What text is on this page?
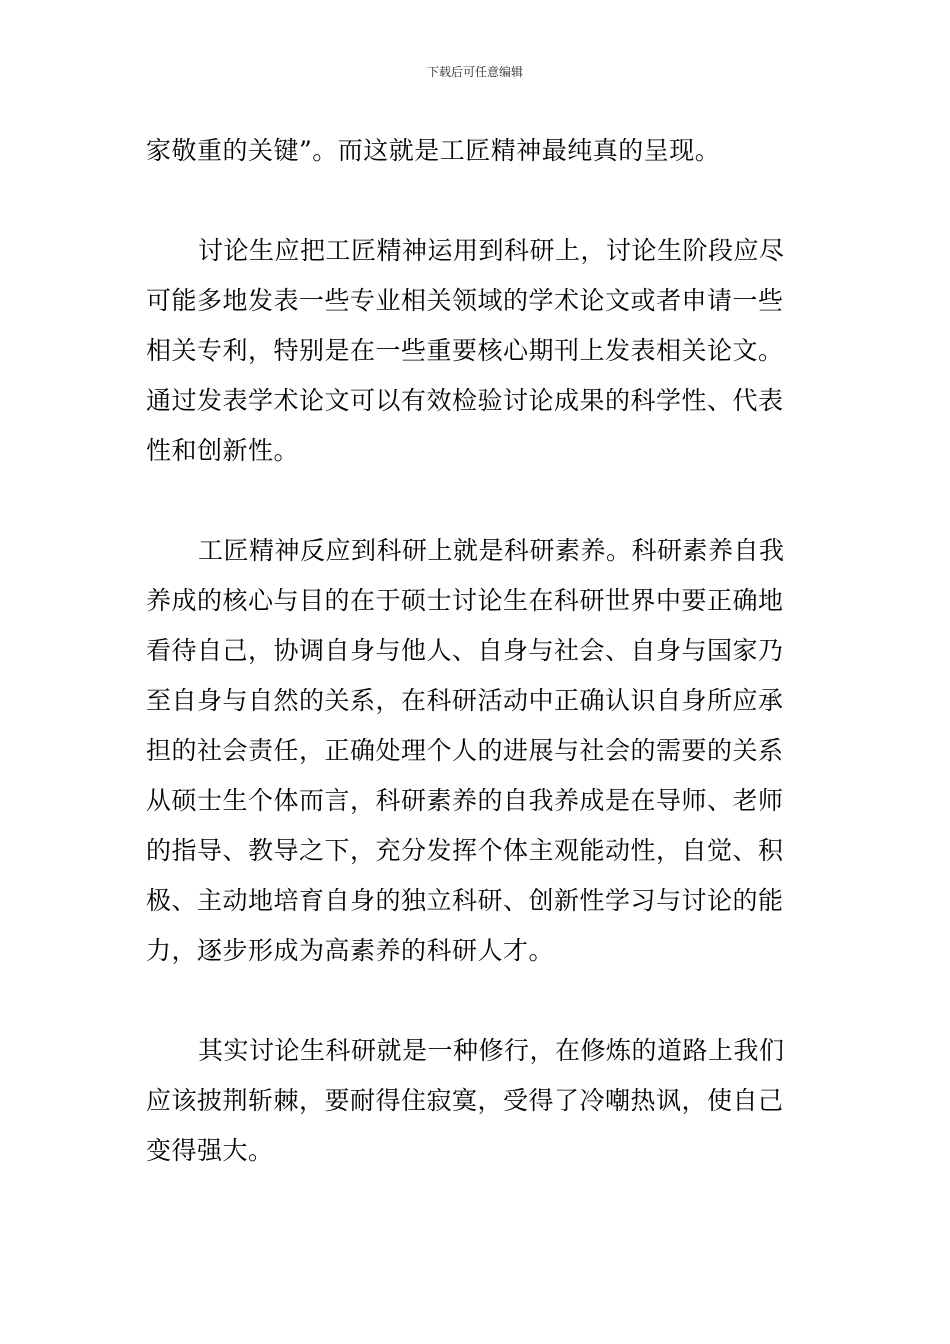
下载后可任意编辑

家敬重的关键”。而这就是工匠精神最纯真的呈现。

讨论生应把工匠精神运用到科研上，讨论生阶段应尽
可能多地发表一些专业相关领域的学术论文或者申请一些
相关专利，特别是在一些重要核心期刊上发表相关论文。
通过发表学术论文可以有效检验讨论成果的科学性、代表
性和创新性。

工匠精神反应到科研上就是科研素养。科研素养自我
养成的核心与目的在于硕士讨论生在科研世界中要正确地
看待自己，协调自身与他人、自身与社会、自身与国家乃
至自身与自然的关系，在科研活动中正确认识自身所应承
担的社会责任，正确处理个人的进展与社会的需要的关系
从硕士生个体而言，科研素养的自我养成是在导师、老师
的指导、教导之下，充分发挥个体主观能动性，自觉、积
极、主动地培育自身的独立科研、创新性学习与讨论的能
力，逐步形成为高素养的科研人才。

其实讨论生科研就是一种修行，在修炼的道路上我们
应该披荆斩棘，要耐得住寂寞，受得了冷嘲热讽，使自己
变得强大。
